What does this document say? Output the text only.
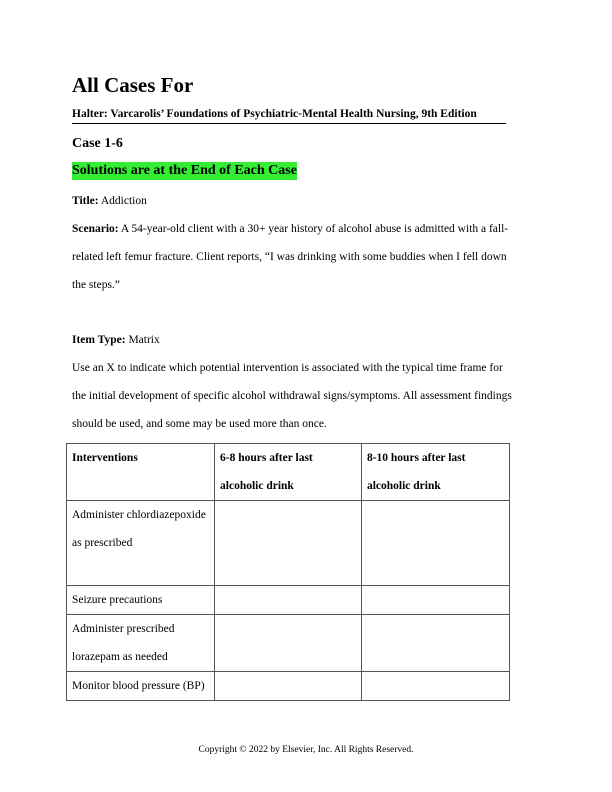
All Cases For
Halter: Varcarolis’ Foundations of Psychiatric-Mental Health Nursing, 9th Edition
Case 1-6
Solutions are at the End of Each Case

Title: Addiction

Scenario: A 54-year-old client with a 30+ year history of alcohol abuse is admitted with a fall-related left femur fracture. Client reports, “I was drinking with some buddies when I fell down the steps.”

Item Type: Matrix

Use an X to indicate which potential intervention is associated with the typical time frame for the initial development of specific alcohol withdrawal signs/symptoms. All assessment findings should be used, and some may be used more than once.

Interventions	6-8 hours after last alcoholic drink	8-10 hours after last alcoholic drink
Administer chlordiazepoxide as prescribed		
Seizure precautions		
Administer prescribed lorazepam as needed		
Monitor blood pressure (BP)		
Copyright © 2022 by Elsevier, Inc. All Rights Reserved.
